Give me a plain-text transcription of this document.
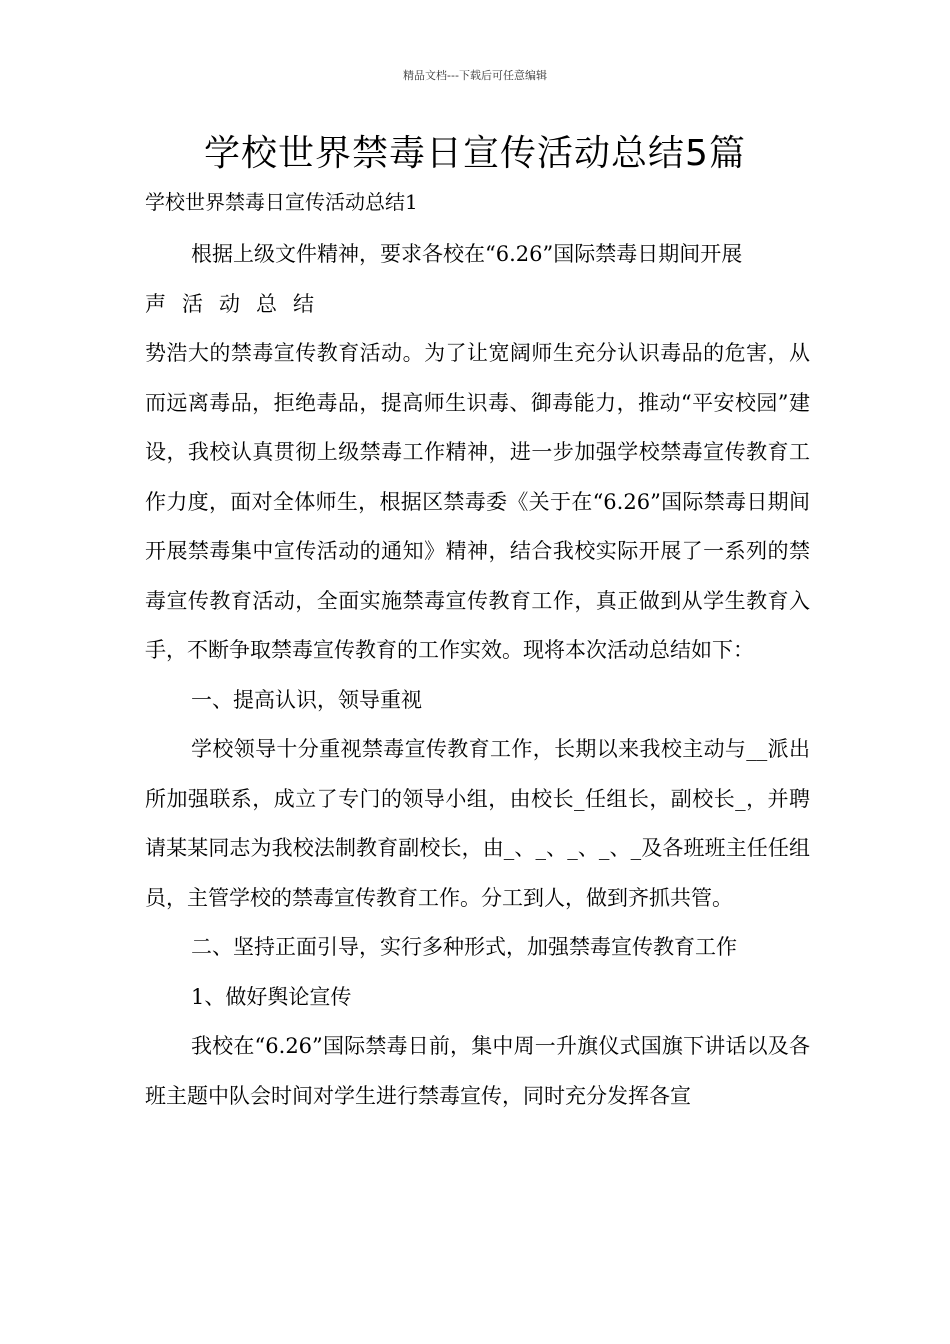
精品文档---下载后可任意编辑
学校世界禁毒日宣传活动总结5篇

学校世界禁毒日宣传活动总结1

根据上级文件精神，要求各校在“6.26”国际禁毒日期间开展

声活动总结

势浩大的禁毒宣传教育活动。为了让宽阔师生充分认识毒品的危害，从而远离毒品，拒绝毒品，提高师生识毒、御毒能力，推动“平安校园”建设，我校认真贯彻上级禁毒工作精神，进一步加强学校禁毒宣传教育工作力度，面对全体师生，根据区禁毒委《关于在“6.26”国际禁毒日期间开展禁毒集中宣传活动的通知》精神，结合我校实际开展了一系列的禁毒宣传教育活动，全面实施禁毒宣传教育工作，真正做到从学生教育入手，不断争取禁毒宣传教育的工作实效。现将本次活动总结如下：

一、提高认识，领导重视

学校领导十分重视禁毒宣传教育工作，长期以来我校主动与__派出所加强联系，成立了专门的领导小组，由校长_任组长，副校长_，并聘请某某同志为我校法制教育副校长，由_、_、_、_、_及各班班主任任组员，主管学校的禁毒宣传教育工作。分工到人，做到齐抓共管。

二、坚持正面引导，实行多种形式，加强禁毒宣传教育工作

1、做好舆论宣传

我校在“6.26”国际禁毒日前，集中周一升旗仪式国旗下讲话以及各班主题中队会时间对学生进行禁毒宣传，同时充分发挥各宣
